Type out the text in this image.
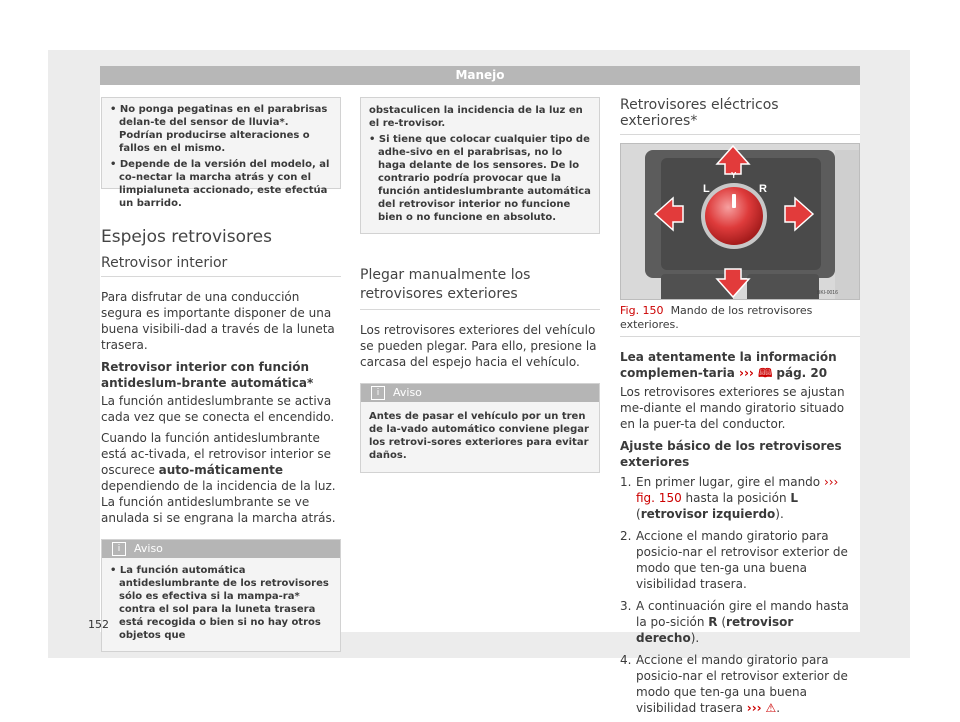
Manejo
• No ponga pegatinas en el parabrisas delan-te del sensor de lluvia*. Podrían producirse alteraciones o fallos en el mismo.
• Depende de la versión del modelo, al co-nectar la marcha atrás y con el limpialuneta accionado, este efectúa un barrido.
Espejos retrovisores
Retrovisor interior

Para disfrutar de una conducción segura es importante disponer de una buena visibili-dad a través de la luneta trasera.

Retrovisor interior con función antideslum-brante automática*

La función antideslumbrante se activa cada vez que se conecta el encendido.

Cuando la función antideslumbrante está ac-tivada, el retrovisor interior se oscurece auto-máticamente dependiendo de la incidencia de la luz. La función antideslumbrante se ve anulada si se engrana la marcha atrás.

i Aviso
• La función automática antideslumbrante de los retrovisores sólo es efectiva si la mampa-ra* contra el sol para la luneta trasera está recogida o bien si no hay otros objetos que
obstaculicen la incidencia de la luz en el re-trovisor.
• Si tiene que colocar cualquier tipo de adhe-sivo en el parabrisas, no lo haga delante de los sensores. De lo contrario podría provocar que la función antideslumbrante automática del retrovisor interior no funcione bien o no funcione en absoluto.
Plegar manualmente los retrovisores exteriores

Los retrovisores exteriores del vehículo se pueden plegar. Para ello, presione la carcasa del espejo hacia el vehículo.

i Aviso
Antes de pasar el vehículo por un tren de la-vado automático conviene plegar los retrovi-sores exteriores para evitar daños.
Retrovisores eléctricos exteriores*
L	R
Y
BKI-0016
Fig. 150 Mando de los retrovisores exteriores.

Lea atentamente la información complemen-taria ››› 🕮 pág. 20

Los retrovisores exteriores se ajustan me-diante el mando giratorio situado en la puer-ta del conductor.

Ajuste básico de los retrovisores exteriores

1. En primer lugar, gire el mando ››› fig. 150 hasta la posición L (retrovisor izquierdo).
2. Accione el mando giratorio para posicio-nar el retrovisor exterior de modo que ten-ga una buena visibilidad trasera.
3. A continuación gire el mando hasta la po-sición R (retrovisor derecho).
4. Accione el mando giratorio para posicio-nar el retrovisor exterior de modo que ten-ga una buena visibilidad trasera ››› ⚠.
152
